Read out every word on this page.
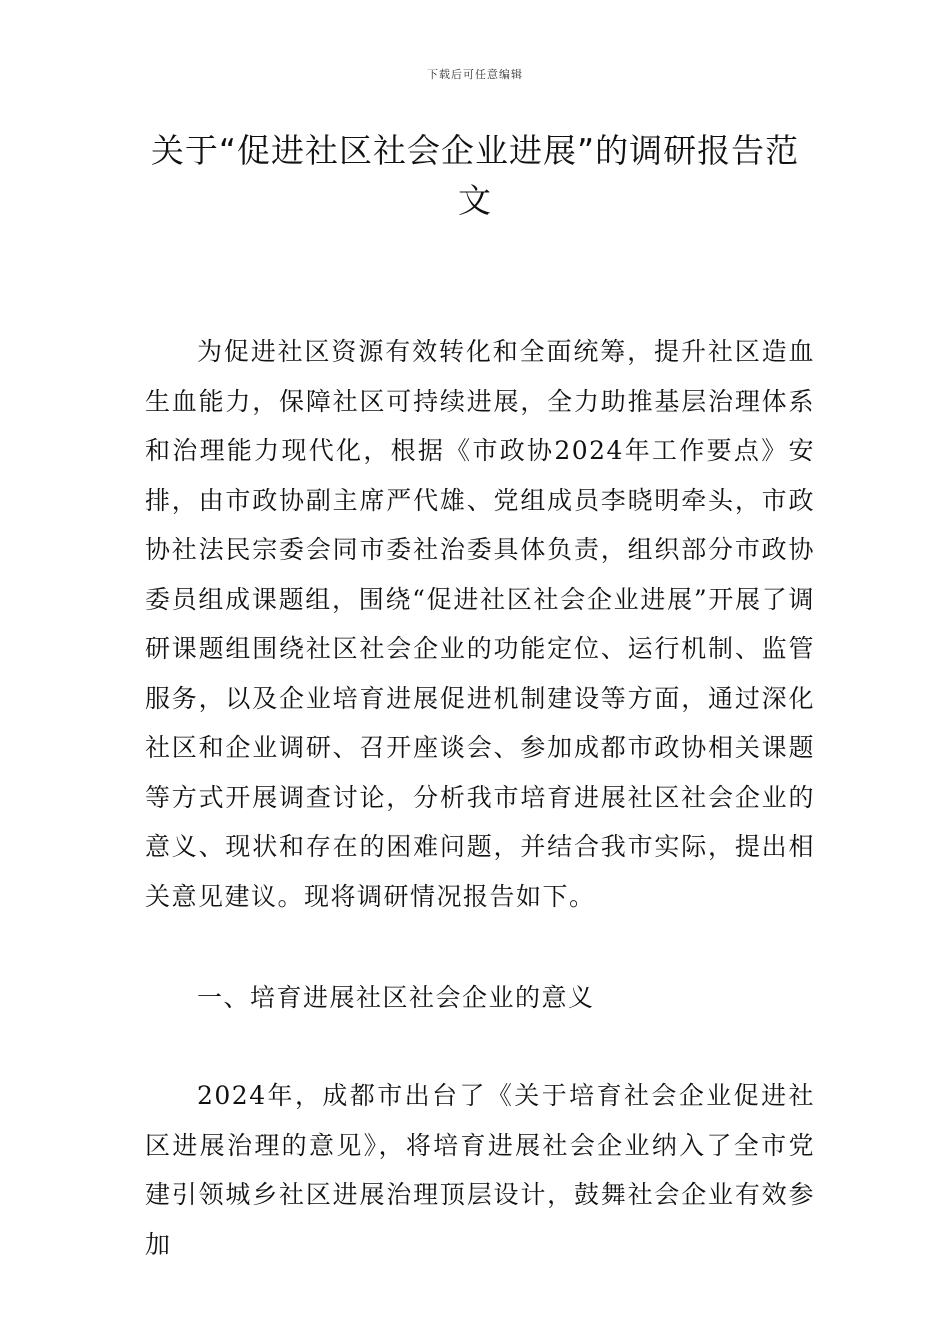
下载后可任意编辑
关于“促进社区社会企业进展”的调研报告范文
为促进社区资源有效转化和全面统筹，提升社区造血生血能力，保障社区可持续进展，全力助推基层治理体系和治理能力现代化，根据《市政协2024年工作要点》安排，由市政协副主席严代雄、党组成员李晓明牵头，市政协社法民宗委会同市委社治委具体负责，组织部分市政协委员组成课题组，围绕“促进社区社会企业进展”开展了调研课题组围绕社区社会企业的功能定位、运行机制、监管服务，以及企业培育进展促进机制建设等方面，通过深化社区和企业调研、召开座谈会、参加成都市政协相关课题等方式开展调查讨论，分析我市培育进展社区社会企业的意义、现状和存在的困难问题，并结合我市实际，提出相关意见建议。现将调研情况报告如下。
一、培育进展社区社会企业的意义
2024年，成都市出台了《关于培育社会企业促进社区进展治理的意见》，将培育进展社会企业纳入了全市党建引领城乡社区进展治理顶层设计，鼓舞社会企业有效参加
